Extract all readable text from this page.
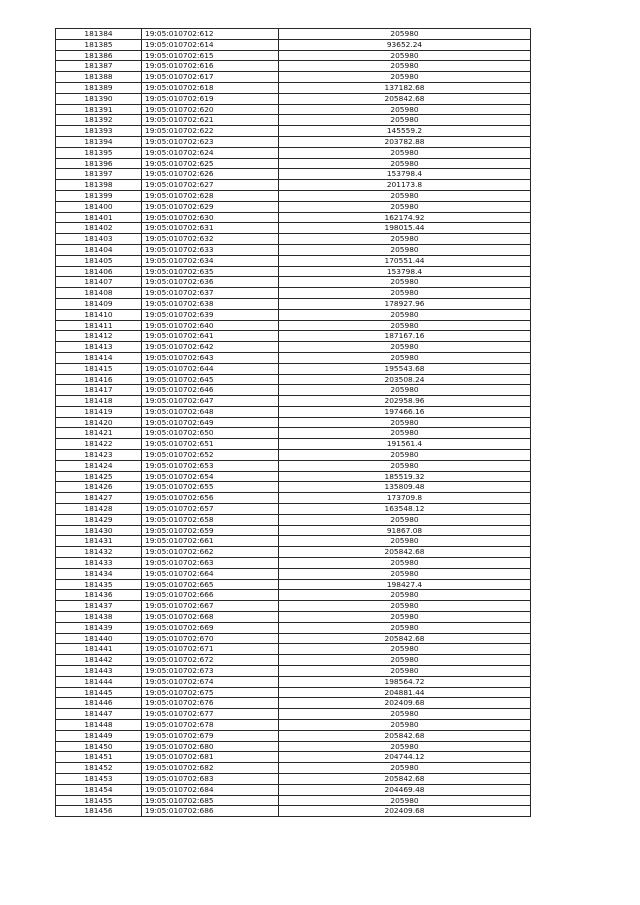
181384	19:05:010702:612	205980
181385	19:05:010702:614	93652.24
181386	19:05:010702:615	205980
181387	19:05:010702:616	205980
181388	19:05:010702:617	205980
181389	19:05:010702:618	137182.68
181390	19:05:010702:619	205842.68
181391	19:05:010702:620	205980
181392	19:05:010702:621	205980
181393	19:05:010702:622	145559.2
181394	19:05:010702:623	203782.88
181395	19:05:010702:624	205980
181396	19:05:010702:625	205980
181397	19:05:010702:626	153798.4
181398	19:05:010702:627	201173.8
181399	19:05:010702:628	205980
181400	19:05:010702:629	205980
181401	19:05:010702:630	162174.92
181402	19:05:010702:631	198015.44
181403	19:05:010702:632	205980
181404	19:05:010702:633	205980
181405	19:05:010702:634	170551.44
181406	19:05:010702:635	153798.4
181407	19:05:010702:636	205980
181408	19:05:010702:637	205980
181409	19:05:010702:638	178927.96
181410	19:05:010702:639	205980
181411	19:05:010702:640	205980
181412	19:05:010702:641	187167.16
181413	19:05:010702:642	205980
181414	19:05:010702:643	205980
181415	19:05:010702:644	195543.68
181416	19:05:010702:645	203508.24
181417	19:05:010702:646	205980
181418	19:05:010702:647	202958.96
181419	19:05:010702:648	197466.16
181420	19:05:010702:649	205980
181421	19:05:010702:650	205980
181422	19:05:010702:651	191561.4
181423	19:05:010702:652	205980
181424	19:05:010702:653	205980
181425	19:05:010702:654	185519.32
181426	19:05:010702:655	135809.48
181427	19:05:010702:656	173709.8
181428	19:05:010702:657	163548.12
181429	19:05:010702:658	205980
181430	19:05:010702:659	91867.08
181431	19:05:010702:661	205980
181432	19:05:010702:662	205842.68
181433	19:05:010702:663	205980
181434	19:05:010702:664	205980
181435	19:05:010702:665	198427.4
181436	19:05:010702:666	205980
181437	19:05:010702:667	205980
181438	19:05:010702:668	205980
181439	19:05:010702:669	205980
181440	19:05:010702:670	205842.68
181441	19:05:010702:671	205980
181442	19:05:010702:672	205980
181443	19:05:010702:673	205980
181444	19:05:010702:674	198564.72
181445	19:05:010702:675	204881.44
181446	19:05:010702:676	202409.68
181447	19:05:010702:677	205980
181448	19:05:010702:678	205980
181449	19:05:010702:679	205842.68
181450	19:05:010702:680	205980
181451	19:05:010702:681	204744.12
181452	19:05:010702:682	205980
181453	19:05:010702:683	205842.68
181454	19:05:010702:684	204469.48
181455	19:05:010702:685	205980
181456	19:05:010702:686	202409.68
